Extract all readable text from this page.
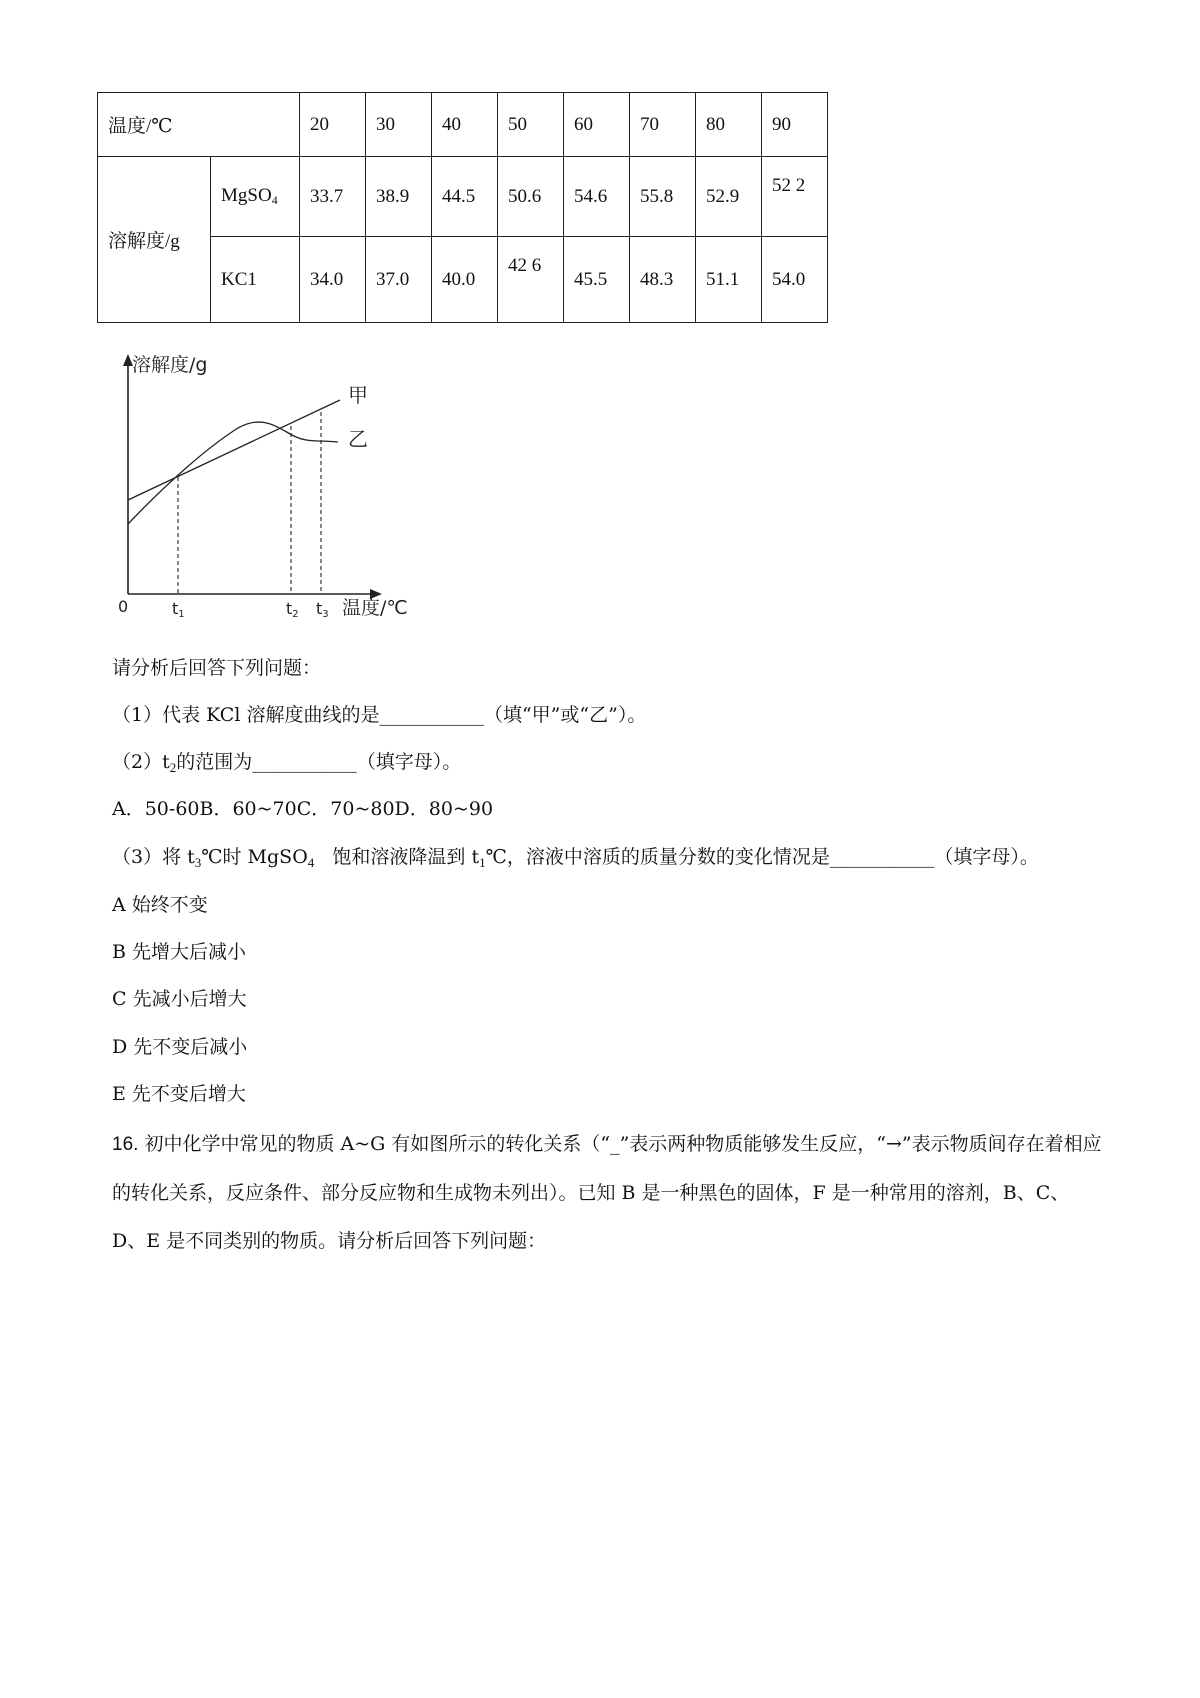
温度/℃		20	30	40	50	60	70	80	90
溶解度/g	MgSO$_4$	33.7	38.9	44.5	50.6	54.6	55.8	52.9	52 2
	KC1	34.0	37.0	40.0	42 6	45.5	48.3	51.1	54.0
溶解度/g
甲
乙
0	t1	t2 t3 温度/℃
请分析后回答下列问题：
（1）代表 KCl 溶解度曲线的是___________（填“甲”或“乙”）。
$(2)t_2$的范围为___________（填字母）。
A．50-60B．60~70C．70~80D．80~90
（3）将 $t_3℃$时 MgSO$_4$   饱和溶液降温到 $t_1℃$，溶液中溶质的质量分数的变化情况是___________（填字母）。
A 始终不变
B 先增大后减小
C 先减小后增大
D 先不变后减小
E 先不变后增大
16. 初中化学中常见的物质 A~G 有如图所示的转化关系（“_”表示两种物质能够发生反应，“→”表示物质间存在着相应的转化关系，反应条件、部分反应物和生成物未列出）。已知 B 是一种黑色的固体，F 是一种常用的溶剂，B、C、D、E 是不同类别的物质。请分析后回答下列问题：
